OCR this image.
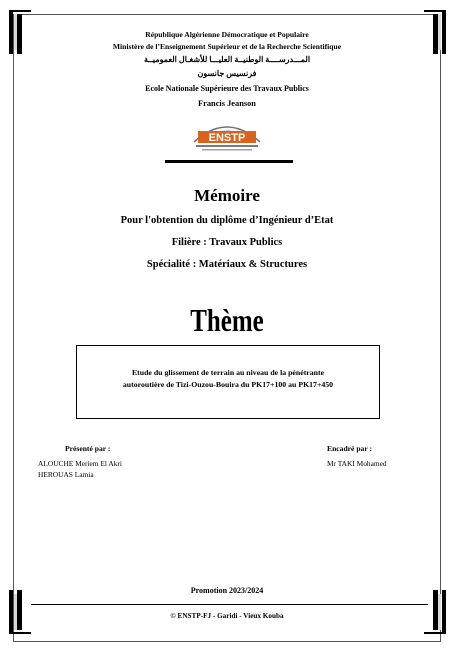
République Algérienne Démocratique et Populaire
Ministère de l’Enseignement Supérieur et de la Recherche Scientifique
المـــدرســــة الوطنيــة العليـــا للأشغـال العموميــة
فرنسيس جانسون
Ecole Nationale Supérieure des Travaux Publics
Francis Jeanson
ENSTP
Mémoire
Pour l'obtention du diplôme d’Ingénieur d’Etat
Filière : Travaux Publics
Spécialité : Matériaux & Structures
Thème
Etude du glissement de terrain au niveau de la pénétrante
autoroutière de Tizi-Ouzou-Bouira du PK17+100 au PK17+450
Présenté par :
ALOUCHE Meriem El Akri
HEROUAS Lamia
Encadré par :
Mr TAKI Mohamed
Promotion 2023/2024
© ENSTP-FJ - Garidi - Vieux Kouba
